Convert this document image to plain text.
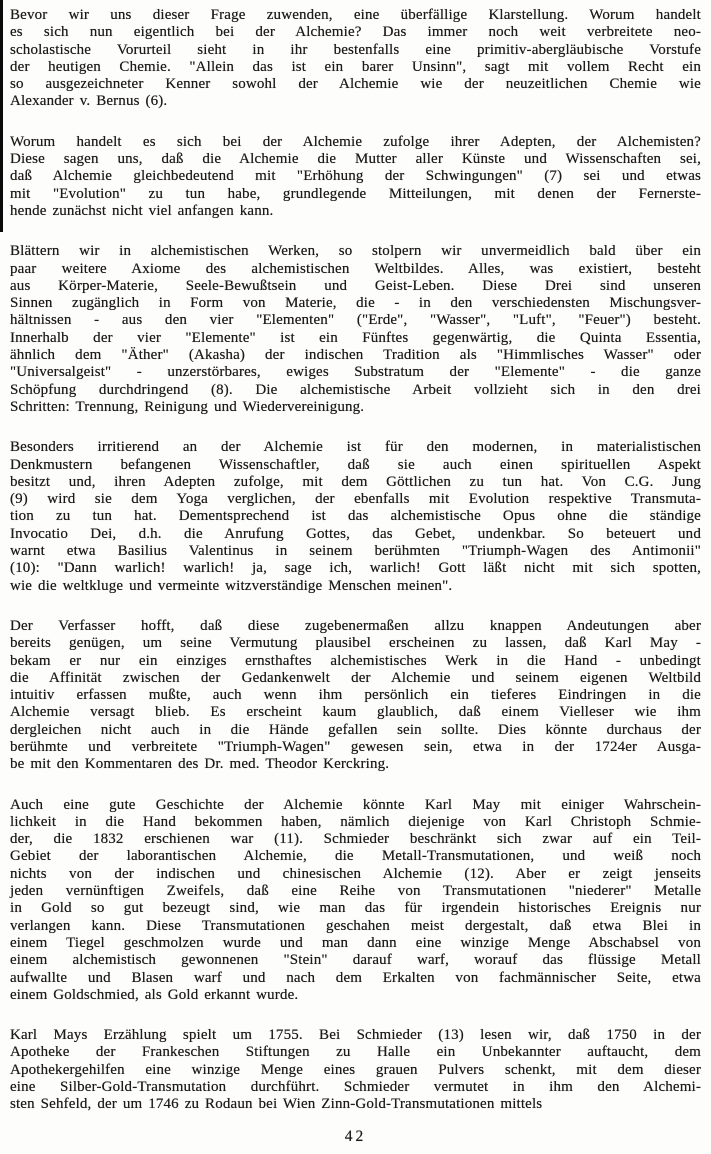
Bevor wir uns dieser Frage zuwenden, eine überfällige Klarstellung. Worum handelt
es sich nun eigentlich bei der Alchemie? Das immer noch weit verbreitete neo-
scholastische Vorurteil sieht in ihr bestenfalls eine primitiv-abergläubische Vorstufe
der heutigen Chemie. "Allein das ist ein barer Unsinn", sagt mit vollem Recht ein
so ausgezeichneter Kenner sowohl der Alchemie wie der neuzeitlichen Chemie wie
Alexander v. Bernus (6).
Worum handelt es sich bei der Alchemie zufolge ihrer Adepten, der Alchemisten?
Diese sagen uns, daß die Alchemie die Mutter aller Künste und Wissenschaften sei,
daß Alchemie gleichbedeutend mit "Erhöhung der Schwingungen" (7) sei und etwas
mit "Evolution" zu tun habe, grundlegende Mitteilungen, mit denen der Fernerste-
hende zunächst nicht viel anfangen kann.
Blättern wir in alchemistischen Werken, so stolpern wir unvermeidlich bald über ein
paar weitere Axiome des alchemistischen Weltbildes. Alles, was existiert, besteht
aus Körper-Materie, Seele-Bewußtsein und Geist-Leben. Diese Drei sind unseren
Sinnen zugänglich in Form von Materie, die - in den verschiedensten Mischungsver-
hältnissen - aus den vier "Elementen" ("Erde", "Wasser", "Luft", "Feuer") besteht.
Innerhalb der vier "Elemente" ist ein Fünftes gegenwärtig, die Quinta Essentia,
ähnlich dem "Äther" (Akasha) der indischen Tradition als "Himmlisches Wasser" oder
"Universalgeist" - unzerstörbares, ewiges Substratum der "Elemente" - die ganze
Schöpfung durchdringend (8). Die alchemistische Arbeit vollzieht sich in den drei
Schritten: Trennung, Reinigung und Wiedervereinigung.
Besonders irritierend an der Alchemie ist für den modernen, in materialistischen
Denkmustern befangenen Wissenschaftler, daß sie auch einen spirituellen Aspekt
besitzt und, ihren Adepten zufolge, mit dem Göttlichen zu tun hat. Von C.G. Jung
(9) wird sie dem Yoga verglichen, der ebenfalls mit Evolution respektive Transmuta-
tion zu tun hat. Dementsprechend ist das alchemistische Opus ohne die ständige
Invocatio Dei, d.h. die Anrufung Gottes, das Gebet, undenkbar. So beteuert und
warnt etwa Basilius Valentinus in seinem berühmten "Triumph-Wagen des Antimonii"
(10): "Dann warlich! warlich! ja, sage ich, warlich! Gott läßt nicht mit sich spotten,
wie die weltkluge und vermeinte witzverständige Menschen meinen".
Der Verfasser hofft, daß diese zugebenermaßen allzu knappen Andeutungen aber
bereits genügen, um seine Vermutung plausibel erscheinen zu lassen, daß Karl May -
bekam er nur ein einziges ernsthaftes alchemistisches Werk in die Hand - unbedingt
die Affinität zwischen der Gedankenwelt der Alchemie und seinem eigenen Weltbild
intuitiv erfassen mußte, auch wenn ihm persönlich ein tieferes Eindringen in die
Alchemie versagt blieb. Es erscheint kaum glaublich, daß einem Vielleser wie ihm
dergleichen nicht auch in die Hände gefallen sein sollte. Dies könnte durchaus der
berühmte und verbreitete "Triumph-Wagen" gewesen sein, etwa in der 1724er Ausga-
be mit den Kommentaren des Dr. med. Theodor Kerckring.
Auch eine gute Geschichte der Alchemie könnte Karl May mit einiger Wahrschein-
lichkeit in die Hand bekommen haben, nämlich diejenige von Karl Christoph Schmie-
der, die 1832 erschienen war (11). Schmieder beschränkt sich zwar auf ein Teil-
Gebiet der laborantischen Alchemie, die Metall-Transmutationen, und weiß noch
nichts von der indischen und chinesischen Alchemie (12). Aber er zeigt jenseits
jeden vernünftigen Zweifels, daß eine Reihe von Transmutationen "niederer" Metalle
in Gold so gut bezeugt sind, wie man das für irgendein historisches Ereignis nur
verlangen kann. Diese Transmutationen geschahen meist dergestalt, daß etwa Blei in
einem Tiegel geschmolzen wurde und man dann eine winzige Menge Abschabsel von
einem alchemistisch gewonnenen "Stein" darauf warf, worauf das flüssige Metall
aufwallte und Blasen warf und nach dem Erkalten von fachmännischer Seite, etwa
einem Goldschmied, als Gold erkannt wurde.
Karl Mays Erzählung spielt um 1755. Bei Schmieder (13) lesen wir, daß 1750 in der
Apotheke der Frankeschen Stiftungen zu Halle ein Unbekannter auftaucht, dem
Apothekergehilfen eine winzige Menge eines grauen Pulvers schenkt, mit dem dieser
eine Silber-Gold-Transmutation durchführt. Schmieder vermutet in ihm den Alchemi-
sten Sehfeld, der um 1746 zu Rodaun bei Wien Zinn-Gold-Transmutationen mittels
42
